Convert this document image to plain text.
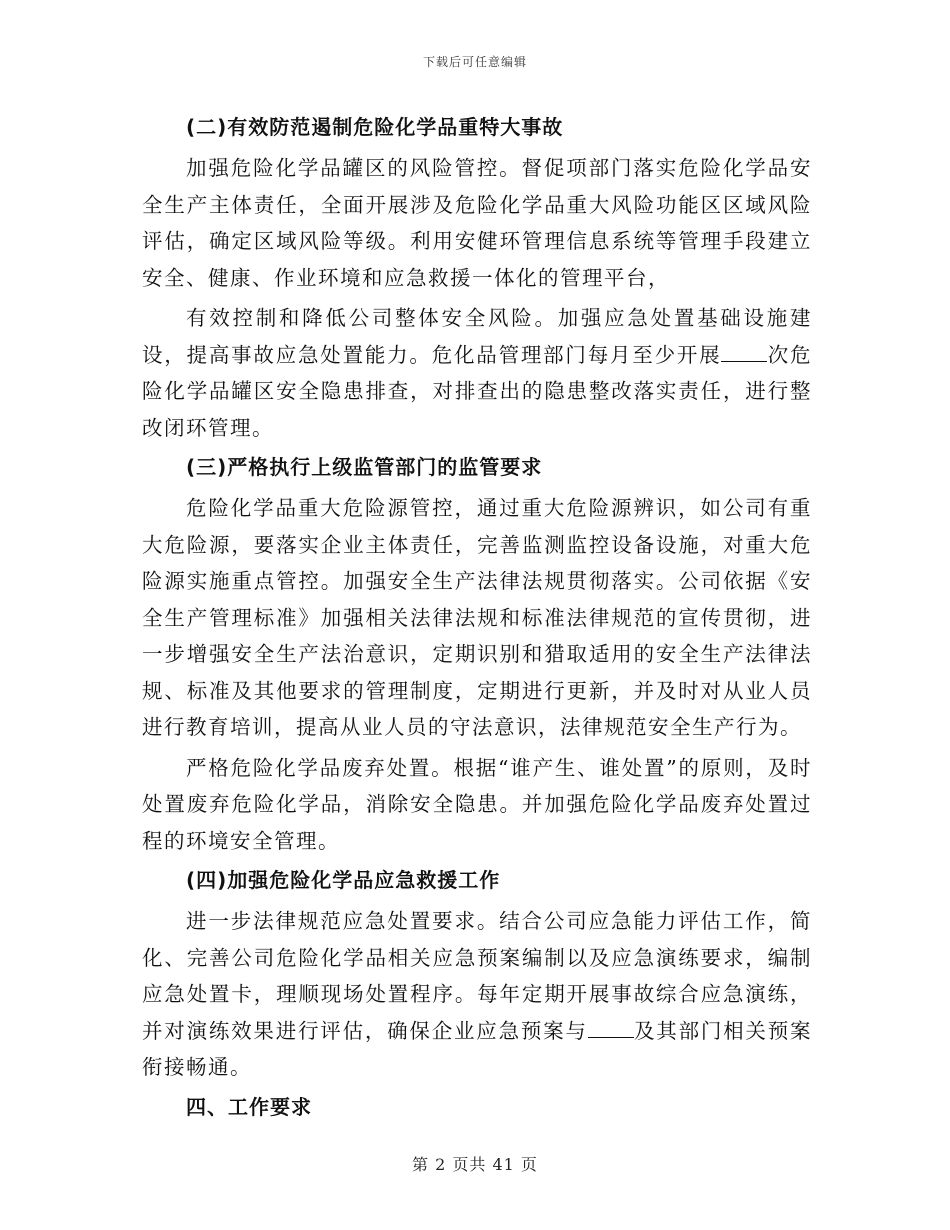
下载后可任意编辑
(二)有效防范遏制危险化学品重特大事故

加强危险化学品罐区的风险管控。督促项部门落实危险化学品安全生产主体责任，全面开展涉及危险化学品重大风险功能区区域风险评估，确定区域风险等级。利用安健环管理信息系统等管理手段建立安全、健康、作业环境和应急救援一体化的管理平台，

有效控制和降低公司整体安全风险。加强应急处置基础设施建设，提高事故应急处置能力。危化品管理部门每月至少开展 次危险化学品罐区安全隐患排查，对排查出的隐患整改落实责任，进行整改闭环管理。

(三)严格执行上级监管部门的监管要求

危险化学品重大危险源管控，通过重大危险源辨识，如公司有重大危险源，要落实企业主体责任，完善监测监控设备设施，对重大危险源实施重点管控。加强安全生产法律法规贯彻落实。公司依据《安全生产管理标准》加强相关法律法规和标准法律规范的宣传贯彻，进一步增强安全生产法治意识，定期识别和猎取适用的安全生产法律法规、标准及其他要求的管理制度，定期进行更新，并及时对从业人员进行教育培训，提高从业人员的守法意识，法律规范安全生产行为。

严格危险化学品废弃处置。根据“谁产生、谁处置”的原则，及时处置废弃危险化学品，消除安全隐患。并加强危险化学品废弃处置过程的环境安全管理。

(四)加强危险化学品应急救援工作

进一步法律规范应急处置要求。结合公司应急能力评估工作，简化、完善公司危险化学品相关应急预案编制以及应急演练要求，编制应急处置卡，理顺现场处置程序。每年定期开展事故综合应急演练，并对演练效果进行评估，确保企业应急预案与 及其部门相关预案衔接畅通。

四、工作要求
第 2 页共 41 页
